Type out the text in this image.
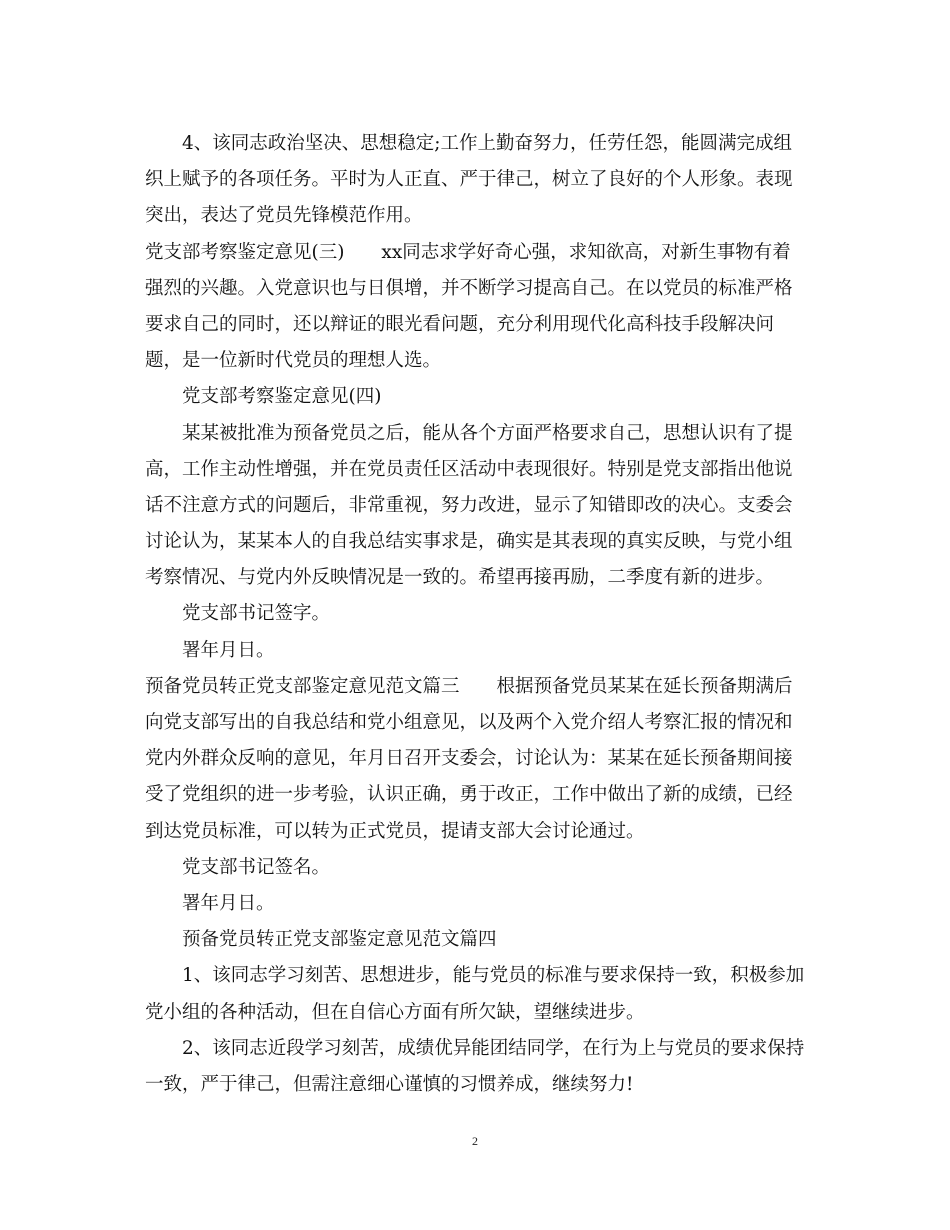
4、该同志政治坚决、思想稳定;工作上勤奋努力，任劳任怨，能圆满完成组
织上赋予的各项任务。平时为人正直、严于律己，树立了良好的个人形象。表现
突出，表达了党员先锋模范作用。
党支部考察鉴定意见(三)　　xx同志求学好奇心强，求知欲高，对新生事物有着
强烈的兴趣。入党意识也与日俱增，并不断学习提高自己。在以党员的标准严格
要求自己的同时，还以辩证的眼光看问题，充分利用现代化高科技手段解决问
题，是一位新时代党员的理想人选。
党支部考察鉴定意见(四)
某某被批准为预备党员之后，能从各个方面严格要求自己，思想认识有了提
高，工作主动性增强，并在党员责任区活动中表现很好。特别是党支部指出他说
话不注意方式的问题后，非常重视，努力改进，显示了知错即改的决心。支委会
讨论认为，某某本人的自我总结实事求是，确实是其表现的真实反映，与党小组
考察情况、与党内外反映情况是一致的。希望再接再励，二季度有新的进步。
党支部书记签字。
署年月日。
预备党员转正党支部鉴定意见范文篇三　　根据预备党员某某在延长预备期满后
向党支部写出的自我总结和党小组意见，以及两个入党介绍人考察汇报的情况和
党内外群众反响的意见，年月日召开支委会，讨论认为：某某在延长预备期间接
受了党组织的进一步考验，认识正确，勇于改正，工作中做出了新的成绩，已经
到达党员标准，可以转为正式党员，提请支部大会讨论通过。
党支部书记签名。
署年月日。
预备党员转正党支部鉴定意见范文篇四
1、该同志学习刻苦、思想进步，能与党员的标准与要求保持一致，积极参加
党小组的各种活动，但在自信心方面有所欠缺，望继续进步。
2、该同志近段学习刻苦，成绩优异能团结同学，在行为上与党员的要求保持
一致，严于律己，但需注意细心谨慎的习惯养成，继续努力!
2
